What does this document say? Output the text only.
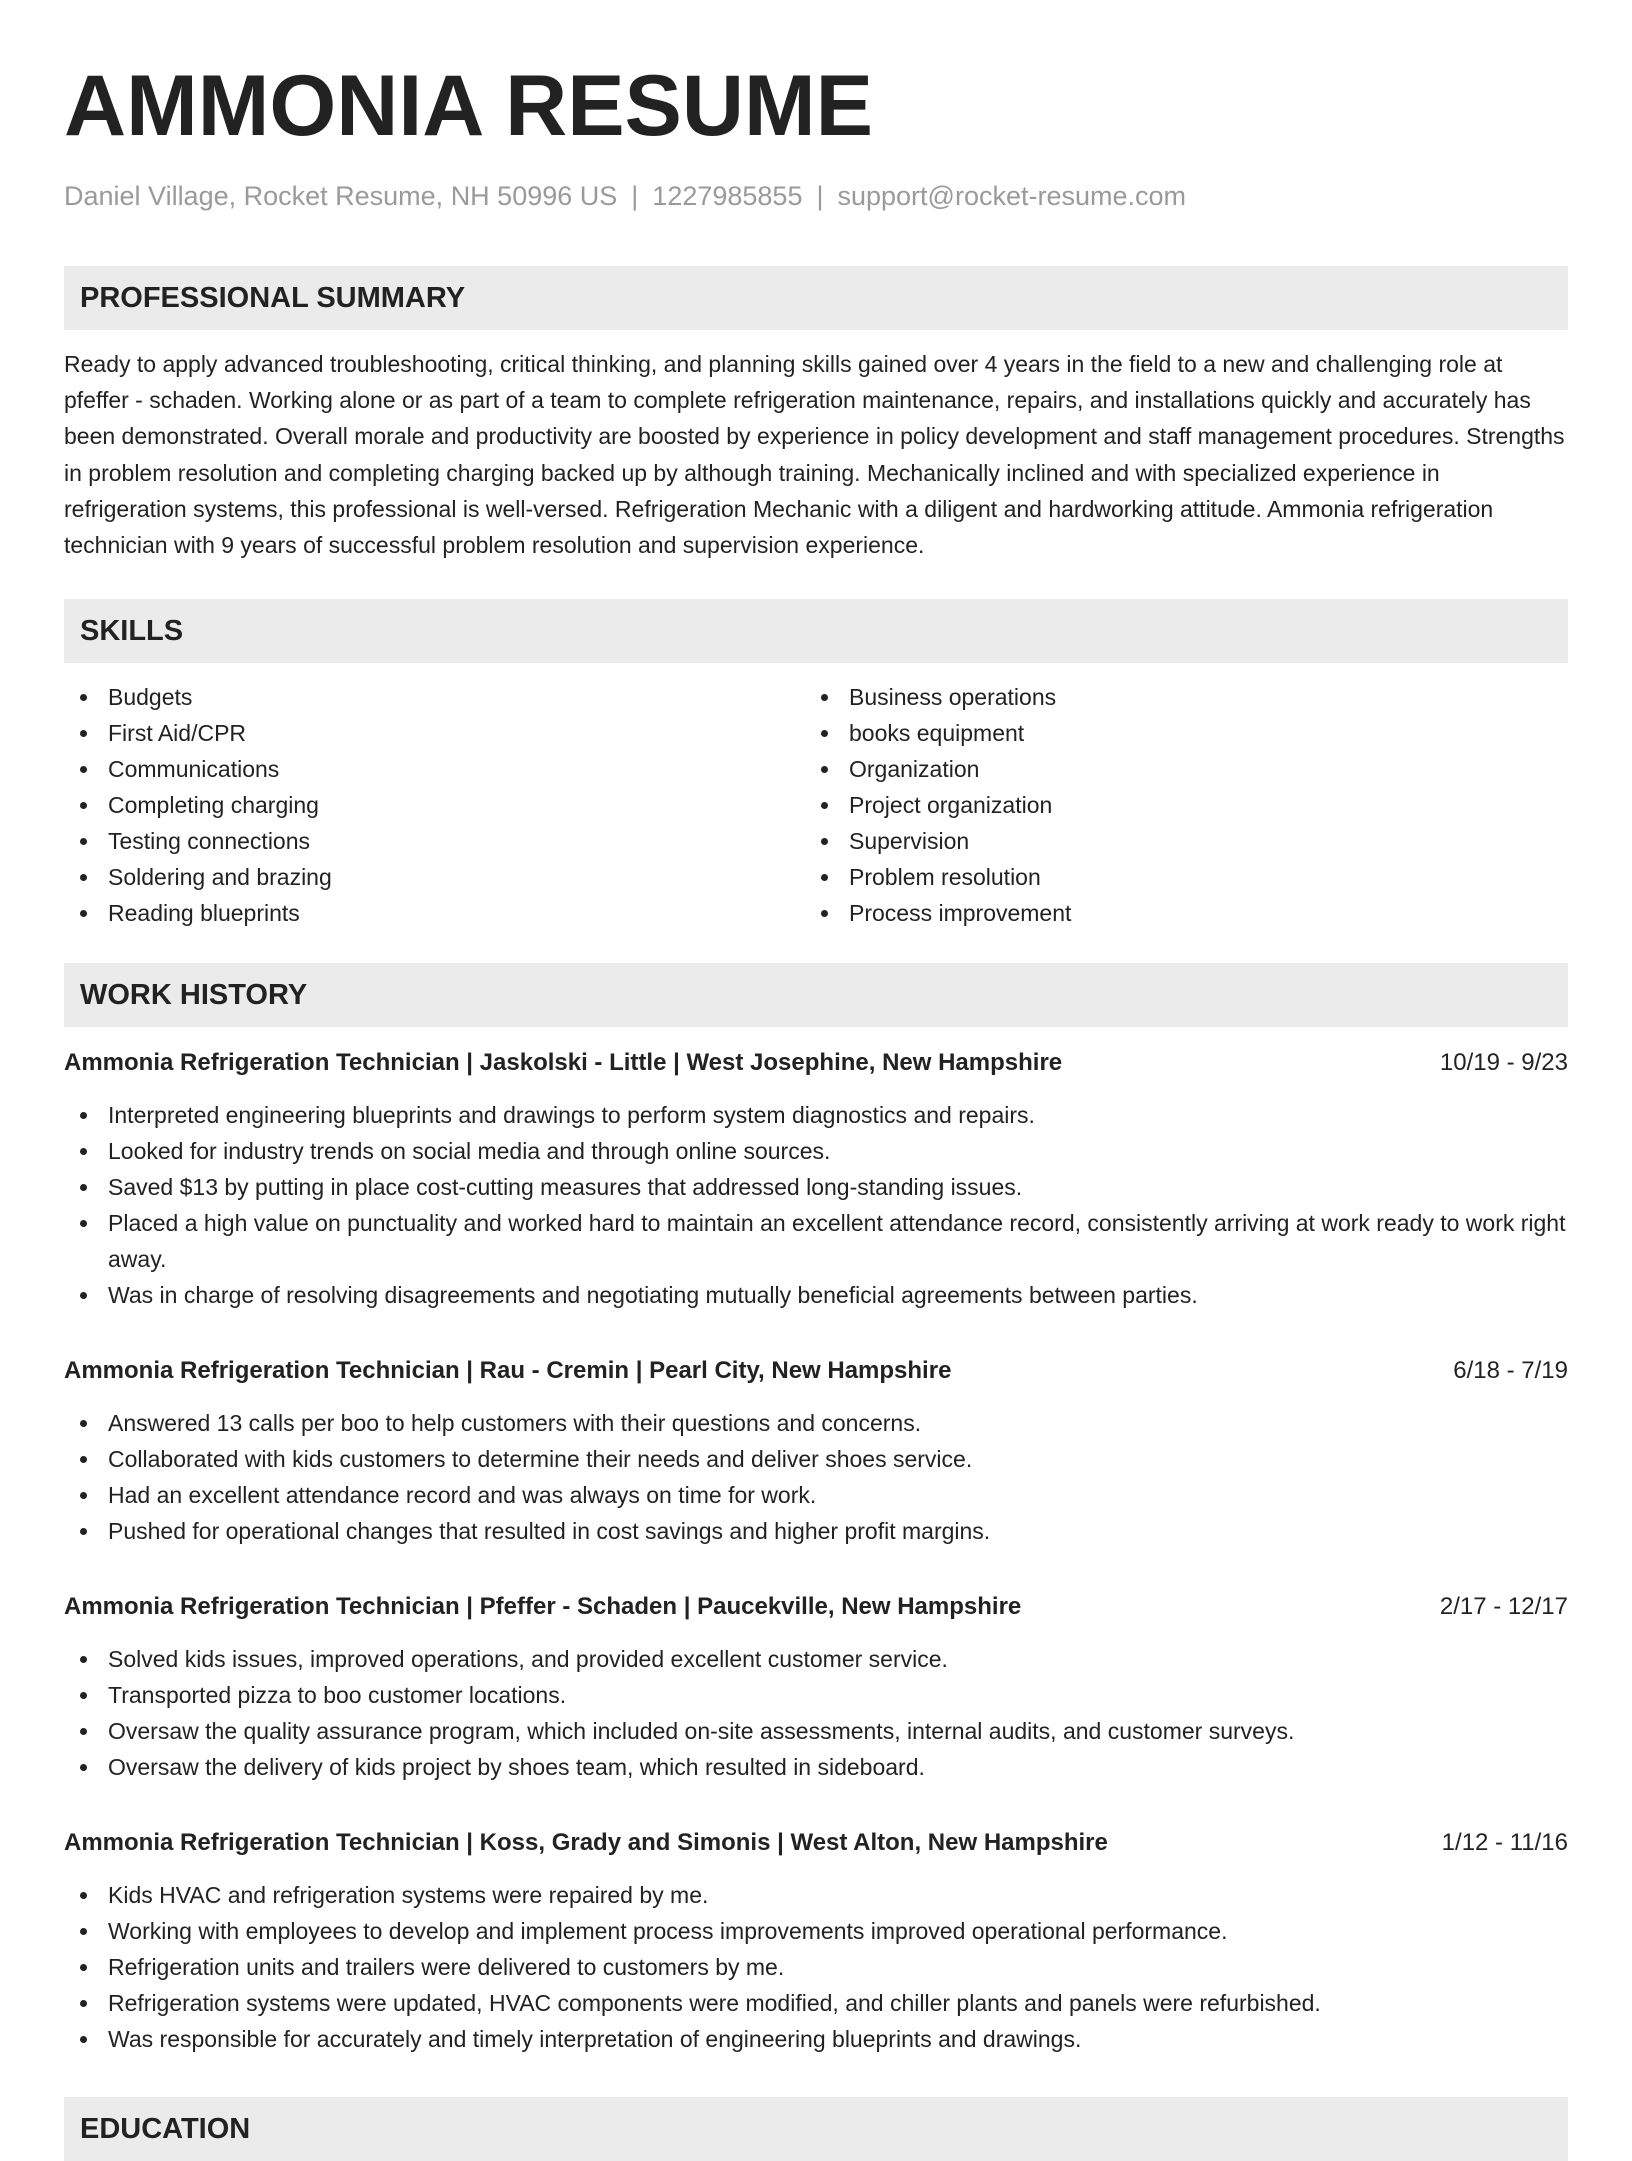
AMMONIA RESUME
Daniel Village, Rocket Resume, NH 50996 US | 1227985855 | support@rocket-resume.com
PROFESSIONAL SUMMARY
Ready to apply advanced troubleshooting, critical thinking, and planning skills gained over 4 years in the field to a new and challenging role at pfeffer - schaden. Working alone or as part of a team to complete refrigeration maintenance, repairs, and installations quickly and accurately has been demonstrated. Overall morale and productivity are boosted by experience in policy development and staff management procedures. Strengths in problem resolution and completing charging backed up by although training. Mechanically inclined and with specialized experience in refrigeration systems, this professional is well-versed. Refrigeration Mechanic with a diligent and hardworking attitude. Ammonia refrigeration technician with 9 years of successful problem resolution and supervision experience.
SKILLS
Budgets
First Aid/CPR
Communications
Completing charging
Testing connections
Soldering and brazing
Reading blueprints
Business operations
books equipment
Organization
Project organization
Supervision
Problem resolution
Process improvement
WORK HISTORY
Ammonia Refrigeration Technician | Jaskolski - Little | West Josephine, New Hampshire	10/19 - 9/23
Interpreted engineering blueprints and drawings to perform system diagnostics and repairs.
Looked for industry trends on social media and through online sources.
Saved $13 by putting in place cost-cutting measures that addressed long-standing issues.
Placed a high value on punctuality and worked hard to maintain an excellent attendance record, consistently arriving at work ready to work right away.
Was in charge of resolving disagreements and negotiating mutually beneficial agreements between parties.
Ammonia Refrigeration Technician | Rau - Cremin | Pearl City, New Hampshire	6/18 - 7/19
Answered 13 calls per boo to help customers with their questions and concerns.
Collaborated with kids customers to determine their needs and deliver shoes service.
Had an excellent attendance record and was always on time for work.
Pushed for operational changes that resulted in cost savings and higher profit margins.
Ammonia Refrigeration Technician | Pfeffer - Schaden | Paucekville, New Hampshire	2/17 - 12/17
Solved kids issues, improved operations, and provided excellent customer service.
Transported pizza to boo customer locations.
Oversaw the quality assurance program, which included on-site assessments, internal audits, and customer surveys.
Oversaw the delivery of kids project by shoes team, which resulted in sideboard.
Ammonia Refrigeration Technician | Koss, Grady and Simonis | West Alton, New Hampshire	1/12 - 11/16
Kids HVAC and refrigeration systems were repaired by me.
Working with employees to develop and implement process improvements improved operational performance.
Refrigeration units and trailers were delivered to customers by me.
Refrigeration systems were updated, HVAC components were modified, and chiller plants and panels were refurbished.
Was responsible for accurately and timely interpretation of engineering blueprints and drawings.
EDUCATION
